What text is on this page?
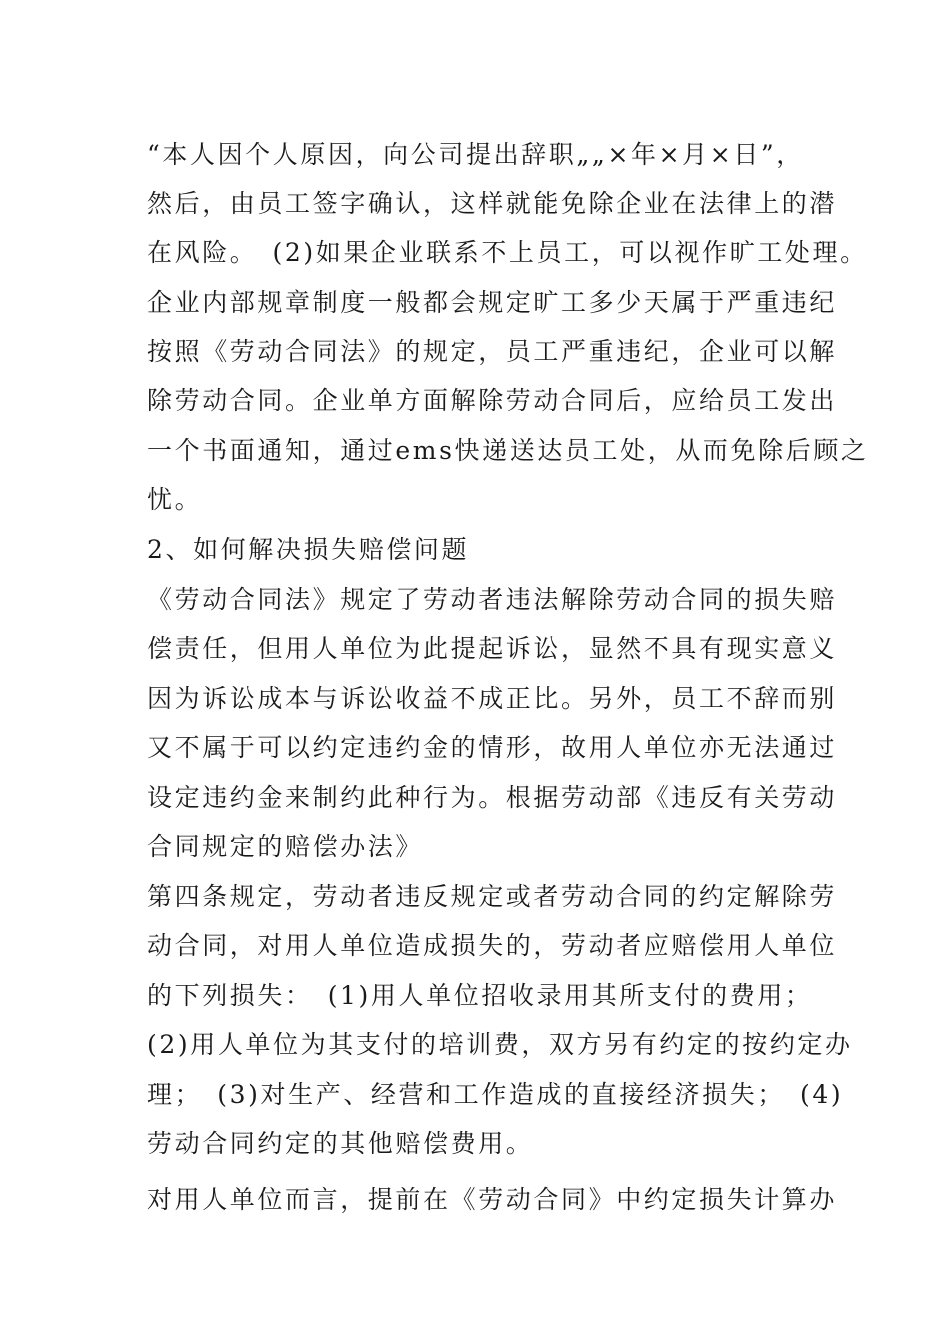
“本人因个人原因，向公司提出辞职„„×年×月×日”，
然后，由员工签字确认，这样就能免除企业在法律上的潜
在风险。　(2)如果企业联系不上员工，可以视作旷工处理。
企业内部规章制度一般都会规定旷工多少天属于严重违纪
按照《劳动合同法》的规定，员工严重违纪，企业可以解
除劳动合同。企业单方面解除劳动合同后，应给员工发出
一个书面通知，通过ems快递送达员工处，从而免除后顾之
忧。
2、如何解决损失赔偿问题
《劳动合同法》规定了劳动者违法解除劳动合同的损失赔
偿责任，但用人单位为此提起诉讼，显然不具有现实意义
因为诉讼成本与诉讼收益不成正比。另外，员工不辞而别
又不属于可以约定违约金的情形，故用人单位亦无法通过
设定违约金来制约此种行为。根据劳动部《违反有关劳动
合同规定的赔偿办法》
第四条规定，劳动者违反规定或者劳动合同的约定解除劳
动合同，对用人单位造成损失的，劳动者应赔偿用人单位
的下列损失：　(1)用人单位招收录用其所支付的费用；
(2)用人单位为其支付的培训费，双方另有约定的按约定办
理；　(3)对生产、经营和工作造成的直接经济损失；　(4)
劳动合同约定的其他赔偿费用。
对用人单位而言，提前在《劳动合同》中约定损失计算办
